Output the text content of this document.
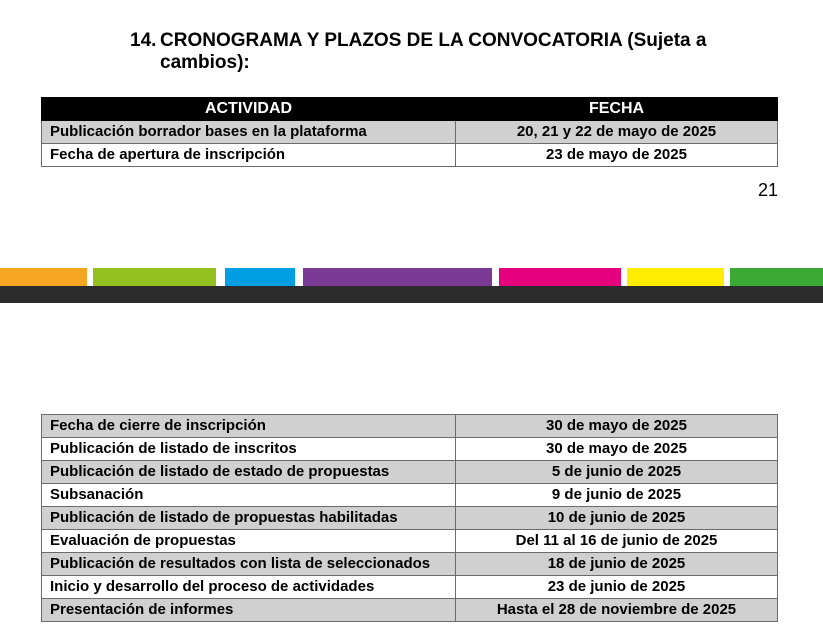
14. CRONOGRAMA Y PLAZOS DE LA CONVOCATORIA (Sujeta a
cambios):
ACTIVIDAD	FECHA
Publicación borrador bases en la plataforma	20, 21 y 22 de mayo de 2025
Fecha de apertura de inscripción	23 de mayo de 2025
21
Fecha de cierre de inscripción	30 de mayo de 2025
Publicación de listado de inscritos	30 de mayo de 2025
Publicación de listado de estado de propuestas	5 de junio de 2025
Subsanación	9 de junio de 2025
Publicación de listado de propuestas habilitadas	10 de junio de 2025
Evaluación de propuestas	Del 11 al 16 de junio de 2025
Publicación de resultados con lista de seleccionados	18 de junio de 2025
Inicio y desarrollo del proceso de actividades	23 de junio de 2025
Presentación de informes	Hasta el 28 de noviembre de 2025
